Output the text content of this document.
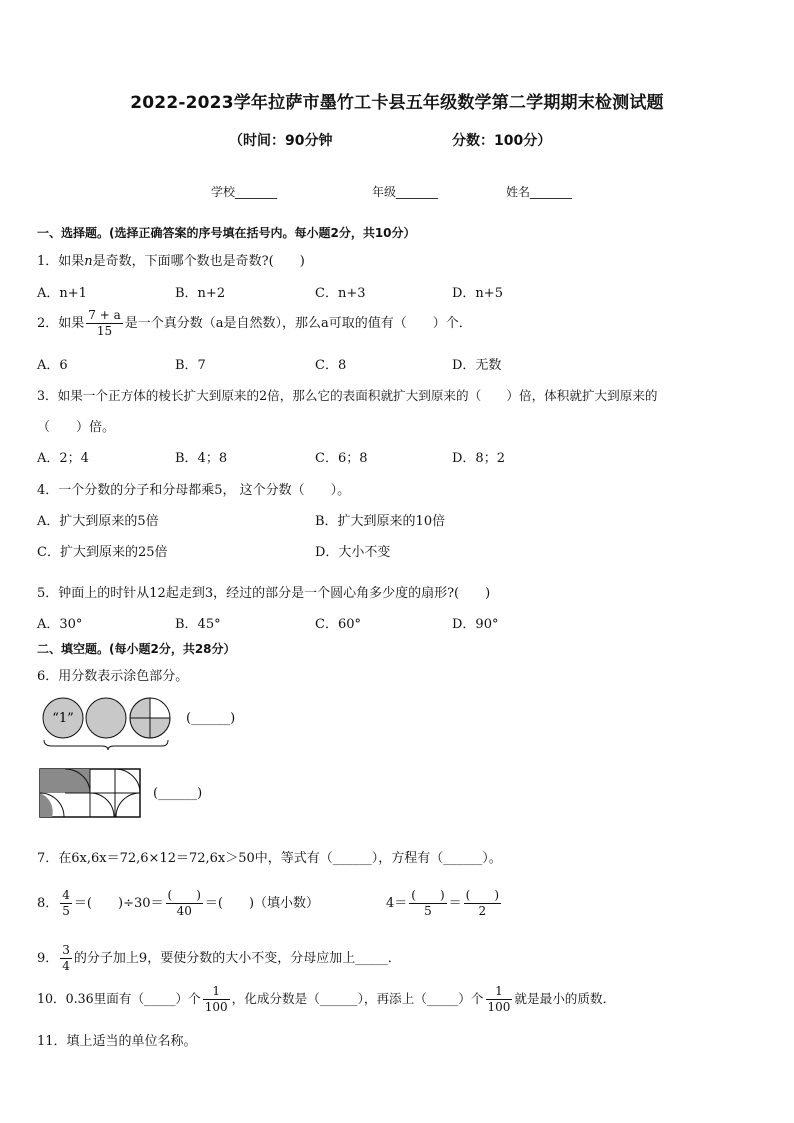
2022-2023学年拉萨市墨竹工卡县五年级数学第二学期期末检测试题
（时间：90分钟	分数：100分）
学校_______	年级_______	姓名_______
一、选择题。(选择正确答案的序号填在括号内。每小题2分，共10分）
1．如果n是奇数，下面哪个数也是奇数?(　　)
A．n+1	B．n+2	C．n+3	D．n+5
2．如果 $\frac{7 + a}{15}$ 是一个真分数（a是自然数），那么a可取的值有（　　）个．
A．6	B．7	C．8	D．无数
3．如果一个正方体的棱长扩大到原来的2倍，那么它的表面积就扩大到原来的（　　）倍，体积就扩大到原来的
（　　）倍。
A．2；4	B．4；8	C．6；8	D．8；2
4．一个分数的分子和分母都乘5， 这个分数（　　）。
A．扩大到原来的5倍	B．扩大到原来的10倍
C．扩大到原来的25倍	D．大小不变
5．钟面上的时针从12起走到3，经过的部分是一个圆心角多少度的扇形?(　　)
A．30°	B．45°	C．60°	D．90°
二、填空题。(每小题2分，共28分）
6．用分数表示涂色部分。
“1”	(______)
(______)
7．在6x,6x＝72,6×12＝72,6x＞50中，等式有（______），方程有（______）。
8． $\frac{4}{5}$ ＝(　　)$\div 30= \frac{( )}{40}$ ＝(　　)（填小数）	$4= \frac{( )}{5} = \frac{( )}{2}$
9． $\frac{3}{4}$ 的分子加上9，要使分数的大小不变，分母应加上_____．
10．0.36里面有（_____）个 $\frac{1}{100}$ ，化成分数是（______），再添上（_____）个 $\frac{1}{100}$ 就是最小的质数．
11．填上适当的单位名称。
